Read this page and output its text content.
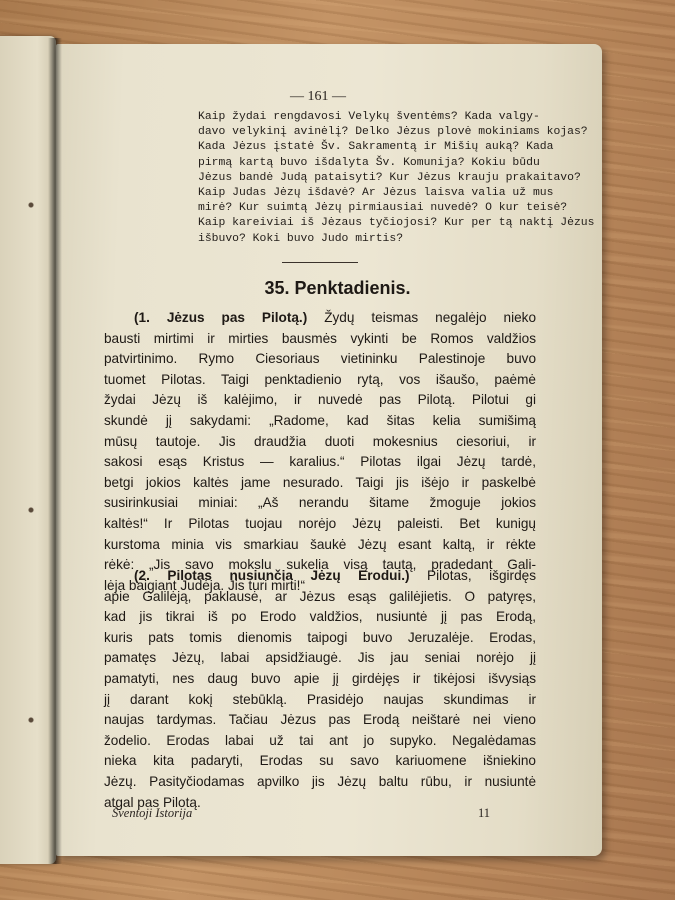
— 161 —
Kaip žydai rengdavosi Velykų šventėms? Kada valgy-
davo velykinį avinėlį? Delko Jėzus plovė mokiniams kojas?
Kada Jėzus įstatė Šv. Sakramentą ir Mišių auką? Kada
pirmą kartą buvo išdalyta Šv. Komunija? Kokiu būdu
Jėzus bandė Judą pataisyti? Kur Jėzus krauju prakaitavo?
Kaip Judas Jėzų išdavė? Ar Jėzus laisva valia už mus
mirė? Kur suimtą Jėzų pirmiausiai nuvedė? O kur teisė?
Kaip kareiviai iš Jėzaus tyčiojosi? Kur per tą naktį Jėzus
išbuvo? Koki buvo Judo mirtis?
35. Penktadienis.
(1. Jėzus pas Pilotą.) Žydų teismas negalėjo nieko
bausti mirtimi ir mirties bausmės vykinti be Romos valdžios
patvirtinimo. Rymo Ciesoriaus vietininku Palestinoje buvo
tuomet Pilotas. Taigi penktadienio rytą, vos išaušo, paėmė
žydai Jėzų iš kalėjimo, ir nuvedė pas Pilotą. Pilotui gi
skundė jį sakydami: „Radome, kad šitas kelia sumišimą
mūsų tautoje. Jis draudžia duoti mokesnius ciesoriui, ir
sakosi esąs Kristus — karalius.“ Pilotas ilgai Jėzų tardė,
betgi jokios kaltės jame nesurado. Taigi jis išėjo ir paskelbė
susirinkusiai miniai: „Aš nerandu šitame žmoguje jokios
kaltės!“ Ir Pilotas tuojau norėjo Jėzų paleisti. Bet kunigų
kurstoma minia vis smarkiau šaukė Jėzų esant kaltą, ir rėkte
rėkė: „Jis savo mokslu sukelia visą tautą, pradedant Gali-
lėja baigiant Judėja. Jis turi mirti!“
(2. Pilotas nusiunčia Jėzų Erodui.) Pilotas, išgirdęs
apie Galilėją, paklausė, ar Jėzus esąs galilėjietis. O patyręs,
kad jis tikrai iš po Erodo valdžios, nusiuntė jį pas Erodą,
kuris pats tomis dienomis taipogi buvo Jeruzalėje. Erodas,
pamatęs Jėzų, labai apsidžiaugė. Jis jau seniai norėjo jį
pamatyti, nes daug buvo apie jį girdėjęs ir tikėjosi išvysiąs
jį darant kokį stebūklą. Prasidėjo naujas skundimas ir
naujas tardymas. Tačiau Jėzus pas Erodą neištarė nei vieno
žodelio. Erodas labai už tai ant jo supyko. Negalėdamas
nieka kita padaryti, Erodas su savo kariuomene išniekino
Jėzų. Pasityčiodamas apvilko jis Jėzų baltu rūbu, ir nusiuntė
atgal pas Pilotą.
Šventoji Istorija	11
